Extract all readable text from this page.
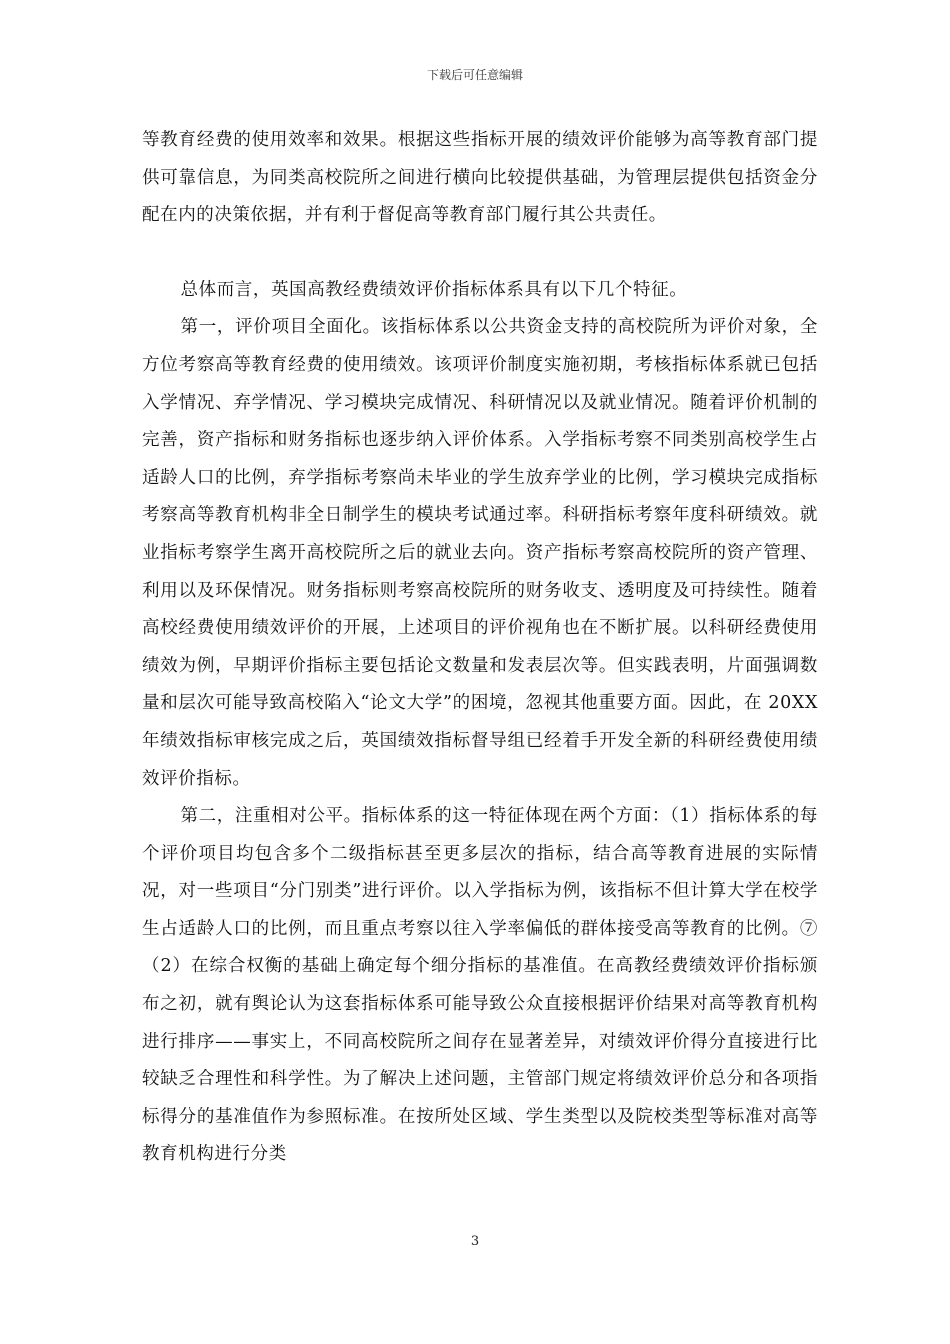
下载后可任意编辑

等教育经费的使用效率和效果。根据这些指标开展的绩效评价能够为高等教育部门提供可靠信息，为同类高校院所之间进行横向比较提供基础，为管理层提供包括资金分配在内的决策依据，并有利于督促高等教育部门履行其公共责任。

总体而言，英国高教经费绩效评价指标体系具有以下几个特征。

第一，评价项目全面化。该指标体系以公共资金支持的高校院所为评价对象，全方位考察高等教育经费的使用绩效。该项评价制度实施初期，考核指标体系就已包括入学情况、弃学情况、学习模块完成情况、科研情况以及就业情况。随着评价机制的完善，资产指标和财务指标也逐步纳入评价体系。入学指标考察不同类别高校学生占适龄人口的比例，弃学指标考察尚未毕业的学生放弃学业的比例，学习模块完成指标考察高等教育机构非全日制学生的模块考试通过率。科研指标考察年度科研绩效。就业指标考察学生离开高校院所之后的就业去向。资产指标考察高校院所的资产管理、利用以及环保情况。财务指标则考察高校院所的财务收支、透明度及可持续性。随着高校经费使用绩效评价的开展，上述项目的评价视角也在不断扩展。以科研经费使用绩效为例，早期评价指标主要包括论文数量和发表层次等。但实践表明，片面强调数量和层次可能导致高校陷入“论文大学”的困境，忽视其他重要方面。因此，在 20XX 年绩效指标审核完成之后，英国绩效指标督导组已经着手开发全新的科研经费使用绩效评价指标。

第二，注重相对公平。指标体系的这一特征体现在两个方面：（1）指标体系的每个评价项目均包含多个二级指标甚至更多层次的指标，结合高等教育进展的实际情况，对一些项目“分门别类”进行评价。以入学指标为例，该指标不但计算大学在校学生占适龄人口的比例，而且重点考察以往入学率偏低的群体接受高等教育的比例。⑦（2）在综合权衡的基础上确定每个细分指标的基准值。在高教经费绩效评价指标颁布之初，就有舆论认为这套指标体系可能导致公众直接根据评价结果对高等教育机构进行排序——事实上，不同高校院所之间存在显著差异，对绩效评价得分直接进行比较缺乏合理性和科学性。为了解决上述问题，主管部门规定将绩效评价总分和各项指标得分的基准值作为参照标准。在按所处区域、学生类型以及院校类型等标准对高等教育机构进行分类

3
